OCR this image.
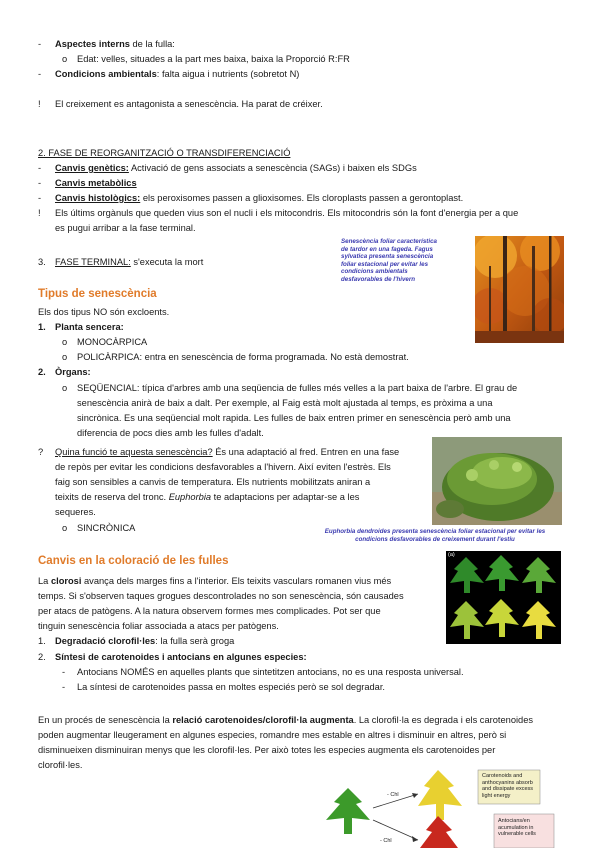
- Aspectes interns de la fulla:
o Edat: velles, situades a la part mes baixa, baixa la Proporció R:FR
- Condicions ambientals: falta aigua i nutrients (sobretot N)
! El creixement es antagonista a senescència. Ha parat de créixer.
2. FASE DE REORGANITZACIÓ O TRANSDIFERENCIACIÓ
- Canvis genètics: Activació de gens associats a senescència (SAGs) i baixen els SDGs
- Canvis metabòlics
- Canvis histològics: els peroxisomes passen a glioxisomes. Els cloroplasts passen a gerontoplast.
! Els últims orgànuls que queden vius son el nucli i els mitocondris. Els mitocondris són la font d'energia per a que
es pugui arribar a la fase terminal.
3. FASE TERMINAL: s'executa la mort
Senescència foliar característica
de tardor en una fageda. Fagus
sylvatica presenta senescència
foliar estacional per evitar les
condicions ambientals
desfavorables de l'hivern
Tipus de senescència
Els dos tipus NO són excloents.
1. Planta sencera:
o MONOCÀRPICA
o POLICÀRPICA: entra en senescència de forma programada. No està demostrat.
2. Òrgans:
o SEQÜENCIAL: típica d'arbres amb una seqüencia de fulles més velles a la part baixa de l'arbre. El grau de
senescència anirà de baix a dalt. Per exemple, al Faig està molt ajustada al temps, es pròxima a una
sincrònica. Es una seqüencial molt rapida. Les fulles de baix entren primer en senescència però amb una
diferencia de pocs dies amb les fulles d'adalt.
? Quina funció te aquesta senescència? És una adaptació al fred. Entren en una fase
de repòs per evitar les condicions desfavorables a l'hivern. Així eviten l'estrès. Els
faig son sensibles a canvis de temperatura. Els nutrients mobilitzats aniran a
teixits de reserva del tronc. Euphorbia te adaptacions per adaptar-se a les
sequeres.
o SINCRÒNICA	Euphorbia dendroides presenta senescència foliar estacional per evitar les
condicions desfavorables de creixement durant l'estiu
Canvis en la coloració de les fulles
La clorosi avança dels marges fins a l'interior. Els teixits vasculars romanen vius més
temps. Si s'observen taques grogues descontrolades no son senescència, són causades
per atacs de patògens. A la natura observem formes mes complicades. Pot ser que
tinguin senescència foliar associada a atacs per patògens.
1. Degradació clorofil·les: la fulla serà groga
2. Síntesi de carotenoides i antocians en algunes especies:
- Antocians NOMÉS en aquelles plants que sintetitzen antocians, no es una resposta universal.
- La síntesi de carotenoides passa en moltes especiés però se sol degradar.
(a)
En un procés de senescència la relació carotenoides/clorofil·la augmenta. La clorofil·la es degrada i els carotenoides
poden augmentar lleugerament en algunes especies, romandre mes estable en altres i disminuir en altres, però si
disminueixen disminuiran menys que les clorofil·les. Per això totes les especies augmenta els carotenoides per
clorofil·les.
- Chl
- Chl
Carotenoids and
anthocyanins absorb
and dissipate excess
light energy
Antocians/en
acumulation in
vulnerable cells
